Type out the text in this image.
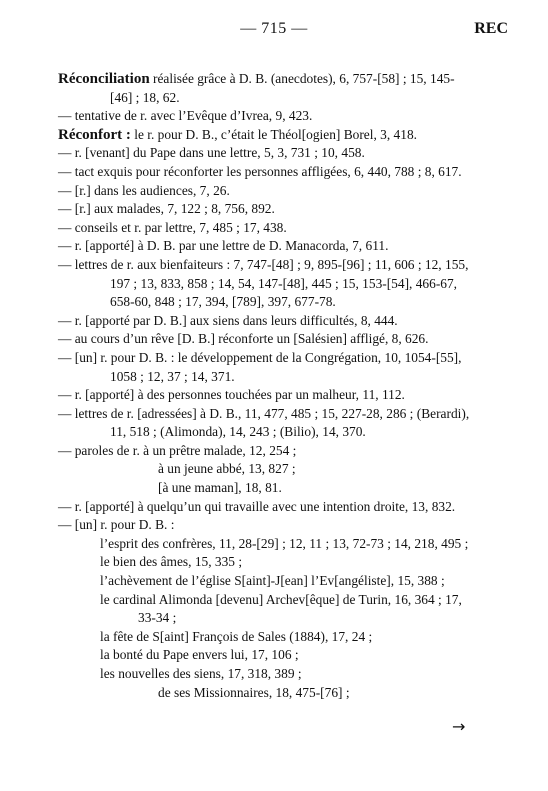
— 715 —	REC

Réconciliation réalisée grâce à D. B. (anecdotes), 6, 757-[58] ; 15, 145-[46] ; 18, 62.

— tentative de r. avec l’Evêque d’Ivrea, 9, 423.

Réconfort : le r. pour D. B., c’était le Théol[ogien] Borel, 3, 418.

— r. [venant] du Pape dans une lettre, 5, 3, 731 ; 10, 458.

— tact exquis pour réconforter les personnes affligées, 6, 440, 788 ; 8, 617.

— [r.] dans les audiences, 7, 26.

— [r.] aux malades, 7, 122 ; 8, 756, 892.

— conseils et r. par lettre, 7, 485 ; 17, 438.

— r. [apporté] à D. B. par une lettre de D. Manacorda, 7, 611.

— lettres de r. aux bienfaiteurs : 7, 747-[48] ; 9, 895-[96] ; 11, 606 ; 12, 155, 197 ; 13, 833, 858 ; 14, 54, 147-[48], 445 ; 15, 153-[54], 466-67, 658-60, 848 ; 17, 394, [789], 397, 677-78.

— r. [apporté par D. B.] aux siens dans leurs difficultés, 8, 444.

— au cours d’un rêve [D. B.] réconforte un [Salésien] affligé, 8, 626.

— [un] r. pour D. B. : le développement de la Congrégation, 10, 1054-[55], 1058 ; 12, 37 ; 14, 371.

— r. [apporté] à des personnes touchées par un malheur, 11, 112.

— lettres de r. [adressées] à D. B., 11, 477, 485 ; 15, 227-28, 286 ; (Berardi), 11, 518 ; (Alimonda), 14, 243 ; (Bilio), 14, 370.

— paroles de r. à un prêtre malade, 12, 254 ;

à un jeune abbé, 13, 827 ;

[à une maman], 18, 81.

— r. [apporté] à quelqu’un qui travaille avec une intention droite, 13, 832.

— [un] r. pour D. B. :

l’esprit des confrères, 11, 28-[29] ; 12, 11 ; 13, 72-73 ; 14, 218, 495 ;

le bien des âmes, 15, 335 ;

l’achèvement de l’église S[aint]-J[ean] l’Ev[angéliste], 15, 388 ;

le cardinal Alimonda [devenu] Archev[êque] de Turin, 16, 364 ; 17, 33-34 ;

la fête de S[aint] François de Sales (1884), 17, 24 ;

la bonté du Pape envers lui, 17, 106 ;

les nouvelles des siens, 17, 318, 389 ;

de ses Missionnaires, 18, 475-[76] ;

→
